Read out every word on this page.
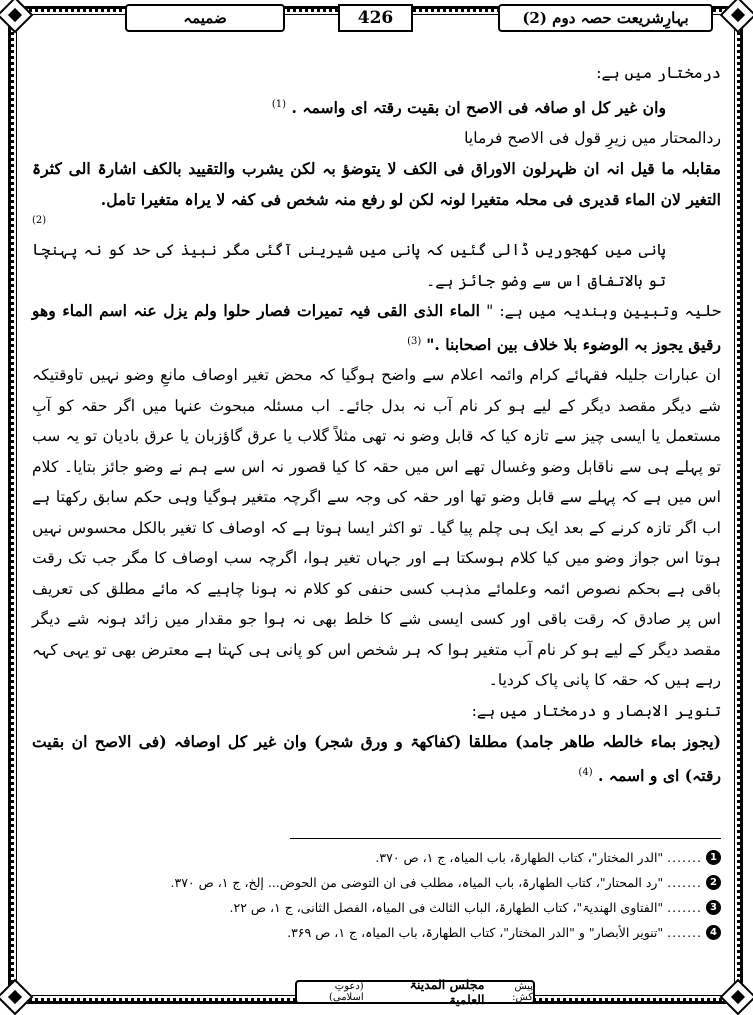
ضمیمہ	426	بہارِشریعت حصہ دوم (2)

درمختار میں ہے:

وان غیر کل او صافہ فی الاصح ان بقیت رقتہ ای واسمہ . $^{(1)}$

ردالمحتار میں زیرِ قول فی الاصح فرمایا

مقابلہ ما قیل انہ ان ظہرلون الاوراق فی الکف لا یتوضؤ بہ لکن یشرب والتقیید بالکف اشارۃ الی کثرۃ التغیر لان الماء قدیری فی محلہ متغیرا لونہ لکن لو رفع منہ شخص فی کفہ لا یراہ متغیرا تامل.

(2)

پانی میں کھجوریں ڈالی گئیں کہ پانی میں شیرینی آگئی مگر نبیذ کی حد کو نہ پہنچا تو بالاتفاق اس سے وضو جائز ہے۔

حلیہ وتبیین وہندیہ میں ہے: " الماء الذی القی فیہ تمیرات فصار حلوا ولم یزل عنہ اسم الماء وھو رقیق یجوز بہ الوضوء بلا خلاف بین اصحابنا ." $^{(3)}$

ان عبارات جلیلہ فقہائے کرام وائمہ اعلام سے واضح ہوگیا کہ محض تغیر اوصاف مانعِ وضو نہیں تاوقتیکہ شے دیگر مقصد دیگر کے لیے ہو کر نام آب نہ بدل جائے۔ اب مسئلہ مبحوث عنہا میں اگر حقہ کو آبِ مستعمل یا ایسی چیز سے تازہ کیا کہ قابل وضو نہ تھی مثلاً گلاب یا عرق گاؤزبان یا عرق بادیان تو یہ سب تو پہلے ہی سے ناقابل وضو وغسال تھے اس میں حقہ کا کیا قصور نہ اس سے ہم نے وضو جائز بتایا۔ کلام اس میں ہے کہ پہلے سے قابل وضو تھا اور حقہ کی وجہ سے اگرچہ متغیر ہوگیا وہی حکم سابق رکھتا ہے اب اگر تازہ کرنے کے بعد ایک ہی چلم پیا گیا۔ تو اکثر ایسا ہوتا ہے کہ اوصاف کا تغیر بالکل محسوس نہیں ہوتا اس جواز وضو میں کیا کلام ہوسکتا ہے اور جہاں تغیر ہوا، اگرچہ سب اوصاف کا مگر جب تک رقت باقی ہے بحکم نصوص ائمہ وعلمائے مذہب کسی حنفی کو کلام نہ ہونا چاہیے کہ مائے مطلق کی تعریف اس پر صادق کہ رقت باقی اور کسی ایسی شے کا خلط بھی نہ ہوا جو مقدار میں زائد ہونہ شے دیگر مقصد دیگر کے لیے ہو کر نام آب متغیر ہوا کہ ہر شخص اس کو پانی ہی کہتا ہے معترض بھی تو یہی کہہ رہے ہیں کہ حقہ کا پانی پاک کردیا۔

تنویر الابصار و درمختار میں ہے:

(یجوز بماء خالطہ طاھر جامد) مطلقا (کفاکھۃ و ورق شجر) وان غیر کل اوصافہ (فی الاصح ان بقیت رقتہ) ای و اسمہ . $^{(4)}$

1
.......
"الدر المختار"، کتاب الطھارۃ، باب المیاہ، ج ۱، ص ۳۷۰.
2
.......
"رد المحتار"، کتاب الطھارۃ، باب المیاہ، مطلب فی ان التوضی من الحوض... إلخ، ج ۱، ص ۳۷۰.
3
.......
"الفتاوی الھندیۃ"، کتاب الطھارۃ، الباب الثالث فی المیاہ، الفصل الثانی، ج ۱، ص ۲۲.
4
.......
"تنویر الأبصار" و "الدر المختار"، کتاب الطھارۃ، باب المیاہ، ج ۱، ص ۳۶۹.
پیش کش:
مجلس المدینۃ العلمیۃ
(دعوتِ اسلامی)
